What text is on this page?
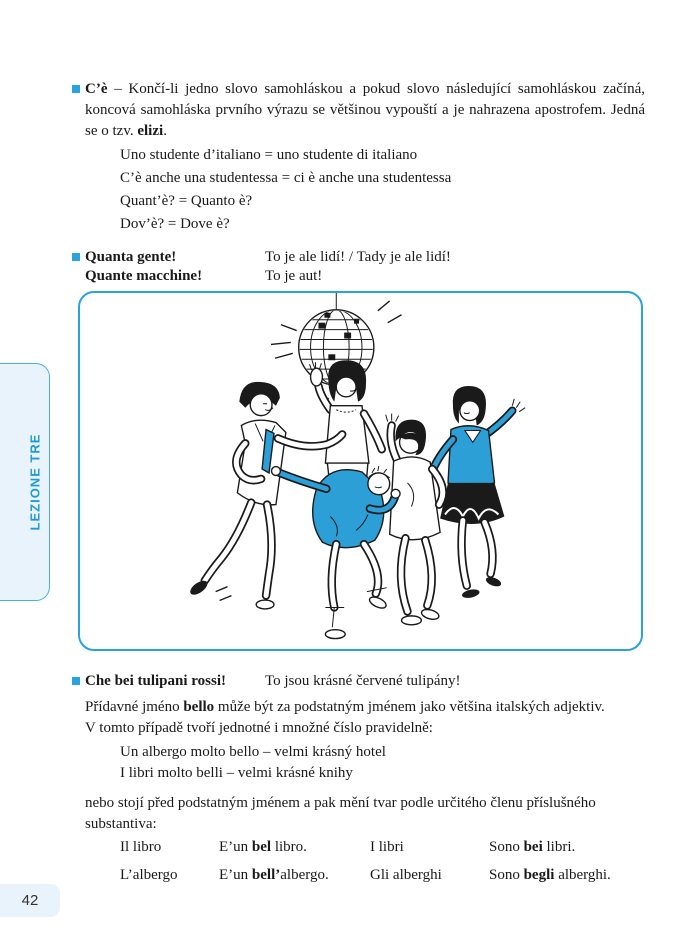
LEZIONE TRE

C’è – Končí-li jedno slovo samohláskou a pokud slovo následující samohláskou začíná, koncová samohláska prvního výrazu se většinou vypouští a je nahrazena apostrofem. Jedná se o tzv. elizi.

Uno studente d’italiano = uno studente di italiano
C’è anche una studentessa = ci è anche una studentessa
Quant’è? = Quanto è?
Dov’è? = Dove è?
Quanta gente!	To je ale lidí! / Tady je ale lidí!
Quante macchine!	To je aut!
Che bei tulipani rossi!	To jsou krásné červené tulipány!
Přídavné jméno bello může být za podstatným jménem jako většina italských adjektiv.
V tomto případě tvoří jednotné i množné číslo pravidelně:
Un albergo molto bello – velmi krásný hotel
I libri molto belli – velmi krásné knihy
nebo stojí před podstatným jménem a pak mění tvar podle určitého členu příslušného
substantiva:
Il libro	E’un bel libro.	I libri	Sono bei libri.
L’albergo	E’un bell’albergo.	Gli alberghi	Sono begli alberghi.
42
